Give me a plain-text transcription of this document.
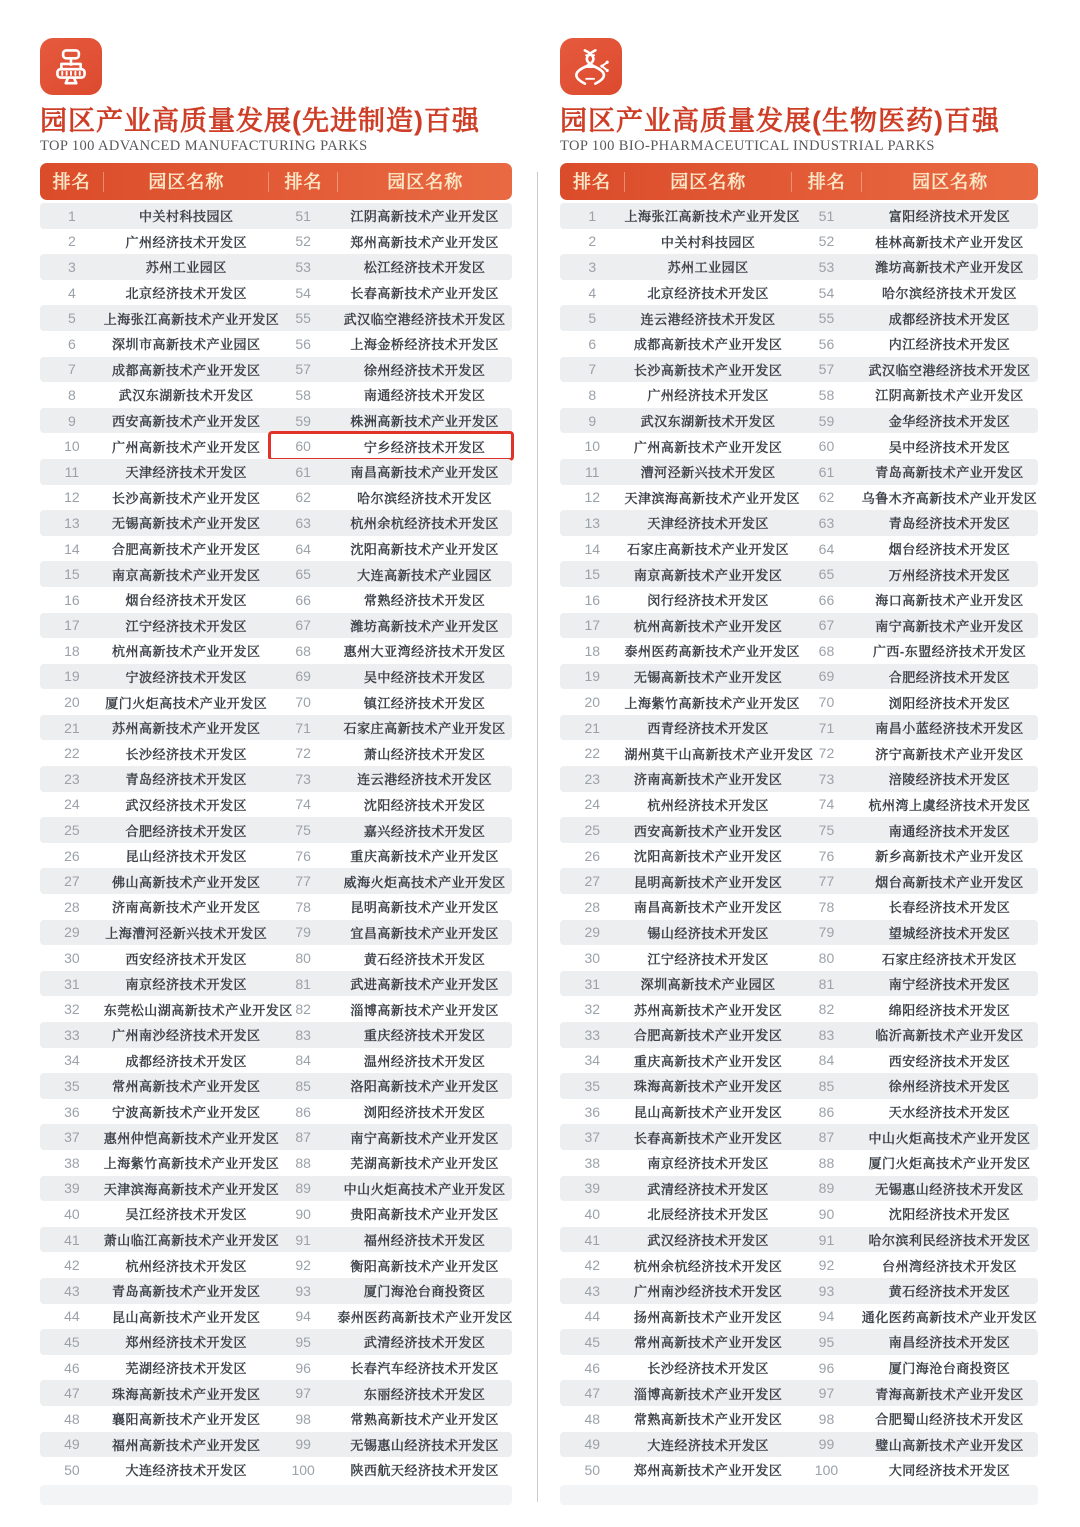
园区产业高质量发展(先进制造)百强
TOP 100 ADVANCED MANUFACTURING PARKS
排名	园区名称	排名	园区名称
1	中关村科技园区	51	江阴高新技术产业开发区
2	广州经济技术开发区	52	郑州高新技术产业开发区
3	苏州工业园区	53	松江经济技术开发区
4	北京经济技术开发区	54	长春高新技术产业开发区
5	上海张江高新技术产业开发区	55	武汉临空港经济技术开发区
6	深圳市高新技术产业园区	56	上海金桥经济技术开发区
7	成都高新技术产业开发区	57	徐州经济技术开发区
8	武汉东湖新技术开发区	58	南通经济技术开发区
9	西安高新技术产业开发区	59	株洲高新技术产业开发区
10	广州高新技术产业开发区	60	宁乡经济技术开发区
11	天津经济技术开发区	61	南昌高新技术产业开发区
12	长沙高新技术产业开发区	62	哈尔滨经济技术开发区
13	无锡高新技术产业开发区	63	杭州余杭经济技术开发区
14	合肥高新技术产业开发区	64	沈阳高新技术产业开发区
15	南京高新技术产业开发区	65	大连高新技术产业园区
16	烟台经济技术开发区	66	常熟经济技术开发区
17	江宁经济技术开发区	67	潍坊高新技术产业开发区
18	杭州高新技术产业开发区	68	惠州大亚湾经济技术开发区
19	宁波经济技术开发区	69	吴中经济技术开发区
20	厦门火炬高技术产业开发区	70	镇江经济技术开发区
21	苏州高新技术产业开发区	71	石家庄高新技术产业开发区
22	长沙经济技术开发区	72	萧山经济技术开发区
23	青岛经济技术开发区	73	连云港经济技术开发区
24	武汉经济技术开发区	74	沈阳经济技术开发区
25	合肥经济技术开发区	75	嘉兴经济技术开发区
26	昆山经济技术开发区	76	重庆高新技术产业开发区
27	佛山高新技术产业开发区	77	威海火炬高技术产业开发区
28	济南高新技术产业开发区	78	昆明高新技术产业开发区
29	上海漕河泾新兴技术开发区	79	宜昌高新技术产业开发区
30	西安经济技术开发区	80	黄石经济技术开发区
31	南京经济技术开发区	81	武进高新技术产业开发区
32	东莞松山湖高新技术产业开发区 82	淄博高新技术产业开发区
33	广州南沙经济技术开发区	83	重庆经济技术开发区
34	成都经济技术开发区	84	温州经济技术开发区
35	常州高新技术产业开发区	85	洛阳高新技术产业开发区
36	宁波高新技术产业开发区	86	浏阳经济技术开发区
37	惠州仲恺高新技术产业开发区	87	南宁高新技术产业开发区
38	上海紫竹高新技术产业开发区	88	芜湖高新技术产业开发区
39	天津滨海高新技术产业开发区	89	中山火炬高技术产业开发区
40	吴江经济技术开发区	90	贵阳高新技术产业开发区
41	萧山临江高新技术产业开发区	91	福州经济技术开发区
42	杭州经济技术开发区	92	衡阳高新技术产业开发区
43	青岛高新技术产业开发区	93	厦门海沧台商投资区
44	昆山高新技术产业开发区	94	泰州医药高新技术产业开发区
45	郑州经济技术开发区	95	武清经济技术开发区
46	芜湖经济技术开发区	96	长春汽车经济技术开发区
47	珠海高新技术产业开发区	97	东丽经济技术开发区
48	襄阳高新技术产业开发区	98	常熟高新技术产业开发区
49	福州高新技术产业开发区	99	无锡惠山经济技术开发区
50	大连经济技术开发区	100	陕西航天经济技术开发区
园区产业高质量发展(生物医药)百强
TOP 100 BIO-PHARMACEUTICAL INDUSTRIAL PARKS
排名	园区名称	排名	园区名称
1	上海张江高新技术产业开发区	51	富阳经济技术开发区
2	中关村科技园区	52	桂林高新技术产业开发区
3	苏州工业园区	53	潍坊高新技术产业开发区
4	北京经济技术开发区	54	哈尔滨经济技术开发区
5	连云港经济技术开发区	55	成都经济技术开发区
6	成都高新技术产业开发区	56	内江经济技术开发区
7	长沙高新技术产业开发区	57	武汉临空港经济技术开发区
8	广州经济技术开发区	58	江阴高新技术产业开发区
9	武汉东湖新技术开发区	59	金华经济技术开发区
10	广州高新技术产业开发区	60	吴中经济技术开发区
11	漕河泾新兴技术开发区	61	青岛高新技术产业开发区
12	天津滨海高新技术产业开发区	62	乌鲁木齐高新技术产业开发区
13	天津经济技术开发区	63	青岛经济技术开发区
14	石家庄高新技术产业开发区	64	烟台经济技术开发区
15	南京高新技术产业开发区	65	万州经济技术开发区
16	闵行经济技术开发区	66	海口高新技术产业开发区
17	杭州高新技术产业开发区	67	南宁高新技术产业开发区
18	泰州医药高新技术产业开发区	68	广西-东盟经济技术开发区
19	无锡高新技术产业开发区	69	合肥经济技术开发区
20	上海紫竹高新技术产业开发区	70	浏阳经济技术开发区
21	西青经济技术开发区	71	南昌小蓝经济技术开发区
22	湖州莫干山高新技术产业开发区 72	济宁高新技术产业开发区
23	济南高新技术产业开发区	73	涪陵经济技术开发区
24	杭州经济技术开发区	74	杭州湾上虞经济技术开发区
25	西安高新技术产业开发区	75	南通经济技术开发区
26	沈阳高新技术产业开发区	76	新乡高新技术产业开发区
27	昆明高新技术产业开发区	77	烟台高新技术产业开发区
28	南昌高新技术产业开发区	78	长春经济技术开发区
29	锡山经济技术开发区	79	望城经济技术开发区
30	江宁经济技术开发区	80	石家庄经济技术开发区
31	深圳高新技术产业园区	81	南宁经济技术开发区
32	苏州高新技术产业开发区	82	绵阳经济技术开发区
33	合肥高新技术产业开发区	83	临沂高新技术产业开发区
34	重庆高新技术产业开发区	84	西安经济技术开发区
35	珠海高新技术产业开发区	85	徐州经济技术开发区
36	昆山高新技术产业开发区	86	天水经济技术开发区
37	长春高新技术产业开发区	87	中山火炬高技术产业开发区
38	南京经济技术开发区	88	厦门火炬高技术产业开发区
39	武清经济技术开发区	89	无锡惠山经济技术开发区
40	北辰经济技术开发区	90	沈阳经济技术开发区
41	武汉经济技术开发区	91	哈尔滨利民经济技术开发区
42	杭州余杭经济技术开发区	92	台州湾经济技术开发区
43	广州南沙经济技术开发区	93	黄石经济技术开发区
44	扬州高新技术产业开发区	94	通化医药高新技术产业开发区
45	常州高新技术产业开发区	95	南昌经济技术开发区
46	长沙经济技术开发区	96	厦门海沧台商投资区
47	淄博高新技术产业开发区	97	青海高新技术产业开发区
48	常熟高新技术产业开发区	98	合肥蜀山经济技术开发区
49	大连经济技术开发区	99	璧山高新技术产业开发区
50	郑州高新技术产业开发区	100	大同经济技术开发区
